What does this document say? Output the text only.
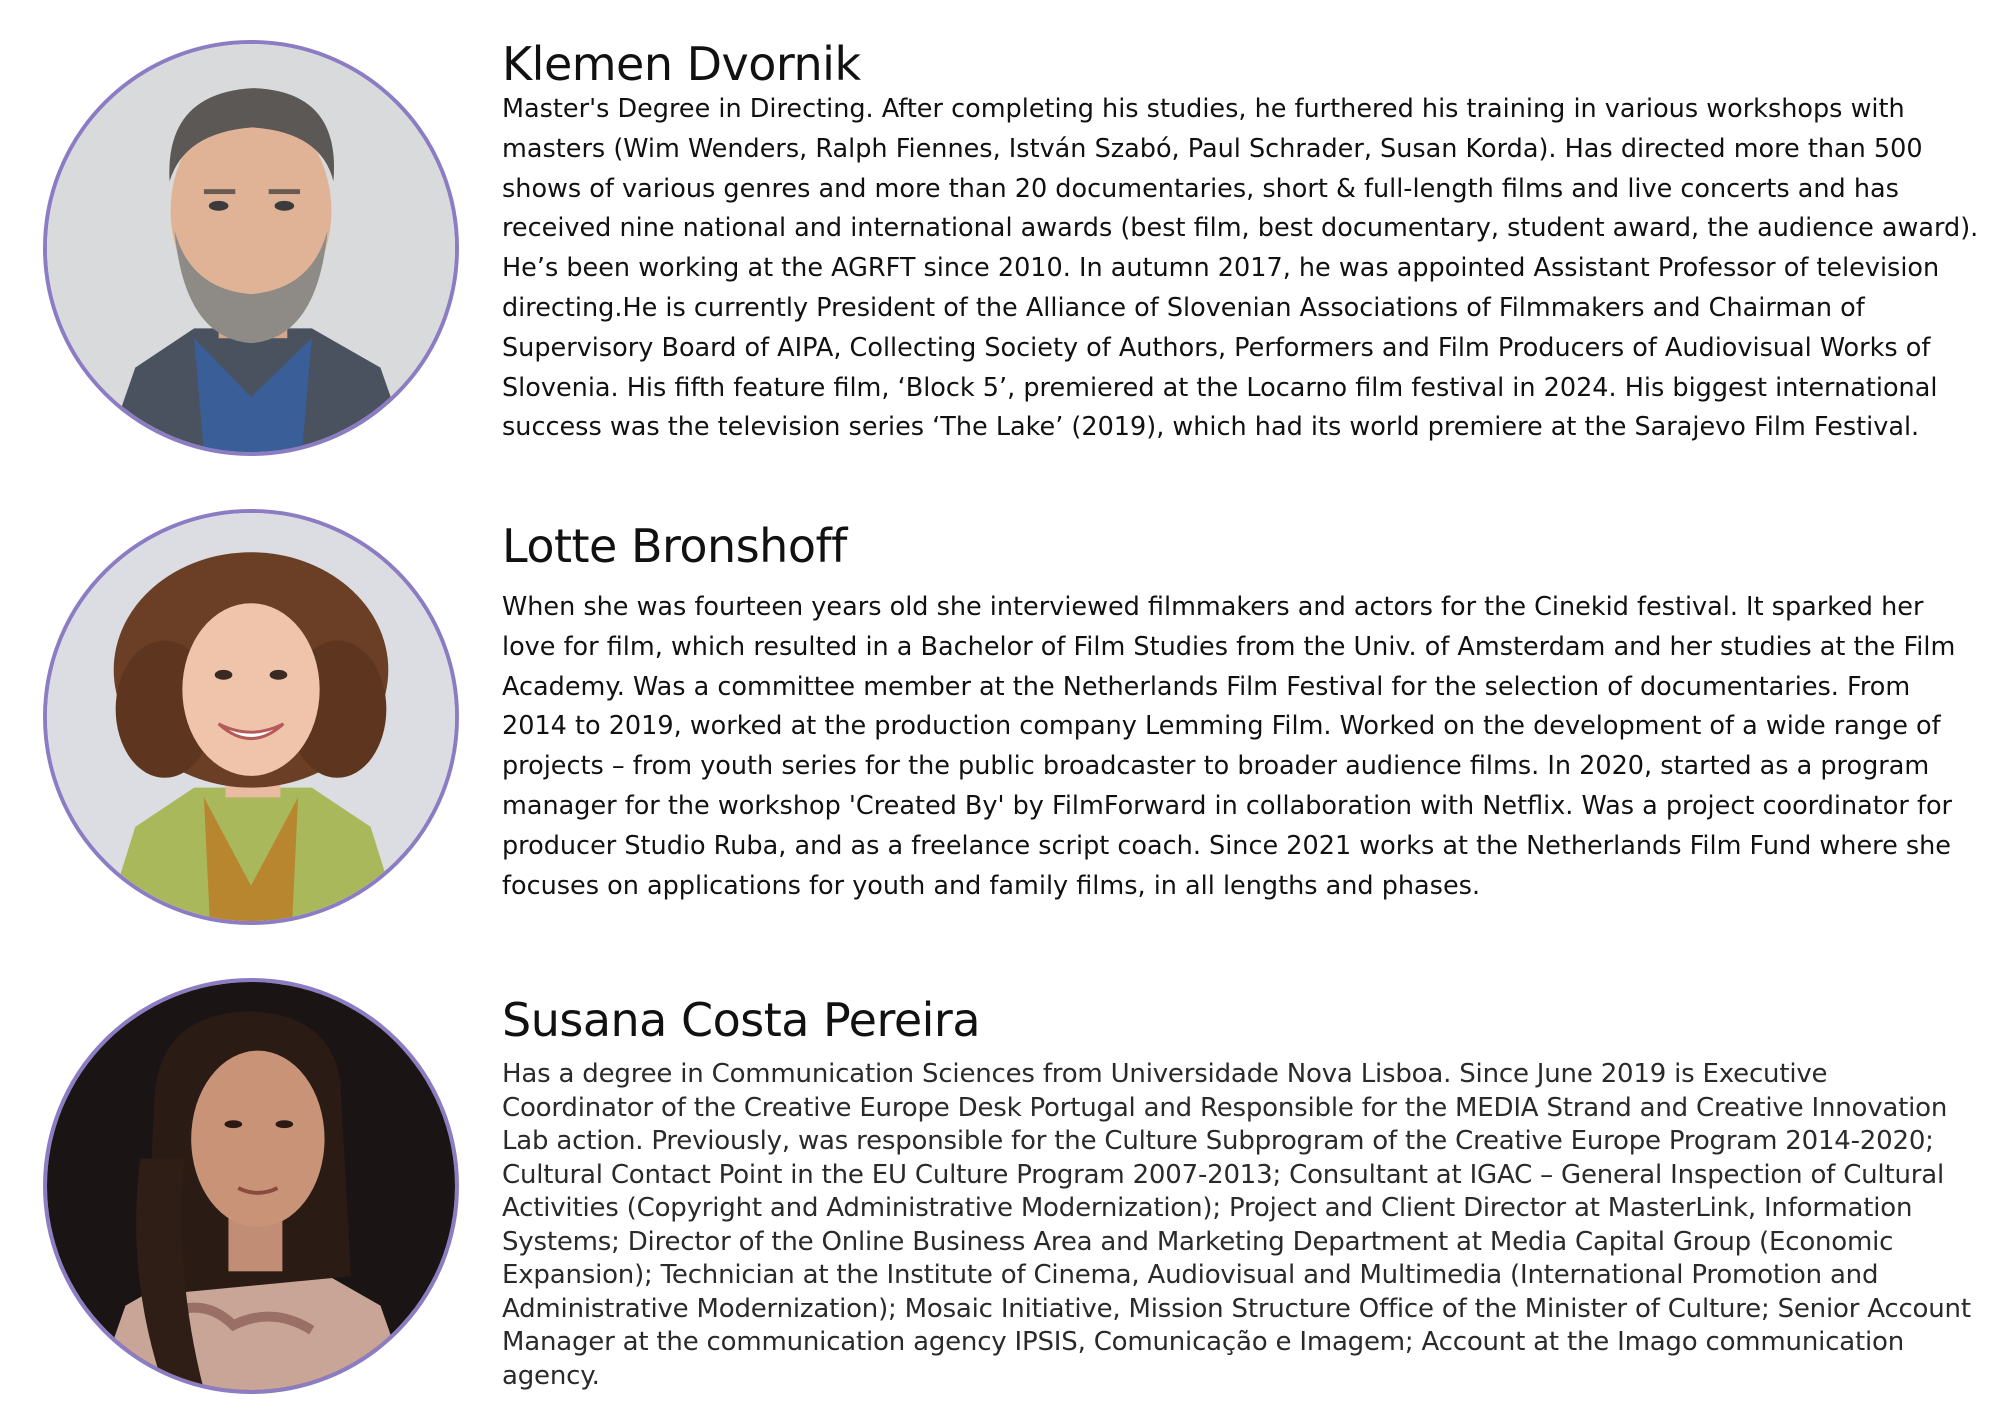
Klemen Dvornik

Master's Degree in Directing. After completing his studies, he furthered his training in various workshops with masters (Wim Wenders, Ralph Fiennes, István Szabó, Paul Schrader, Susan Korda). Has directed more than 500 shows of various genres and more than 20 documentaries, short & full-length films and live concerts and has received nine national and international awards (best film, best documentary, student award, the audience award). He’s been working at the AGRFT since 2010. In autumn 2017, he was appointed Assistant Professor of television directing.He is currently President of the Alliance of Slovenian Associations of Filmmakers and Chairman of Supervisory Board of AIPA, Collecting Society of Authors, Performers and Film Producers of Audiovisual Works of Slovenia. His fifth feature film, ‘Block 5’, premiered at the Locarno film festival in 2024. His biggest international success was the television series ‘The Lake’ (2019), which had its world premiere at the Sarajevo Film Festival.

Lotte Bronshoff

When she was fourteen years old she interviewed filmmakers and actors for the Cinekid festival. It sparked her love for film, which resulted in a Bachelor of Film Studies from the Univ. of Amsterdam and her studies at the Film Academy. Was a committee member at the Netherlands Film Festival for the selection of documentaries. From 2014 to 2019, worked at the production company Lemming Film. Worked on the development of a wide range of projects – from youth series for the public broadcaster to broader audience films. In 2020, started as a program manager for the workshop 'Created By' by FilmForward in collaboration with Netflix. Was a project coordinator for producer Studio Ruba, and as a freelance script coach. Since 2021 works at the Netherlands Film Fund where she focuses on applications for youth and family films, in all lengths and phases.

Susana Costa Pereira

Has a degree in Communication Sciences from Universidade Nova Lisboa. Since June 2019 is Executive Coordinator of the Creative Europe Desk Portugal and Responsible for the MEDIA Strand and Creative Innovation Lab action. Previously, was responsible for the Culture Subprogram of the Creative Europe Program 2014-2020; Cultural Contact Point in the EU Culture Program 2007-2013; Consultant at IGAC – General Inspection of Cultural Activities (Copyright and Administrative Modernization); Project and Client Director at MasterLink, Information Systems; Director of the Online Business Area and Marketing Department at Media Capital Group (Economic Expansion); Technician at the Institute of Cinema, Audiovisual and Multimedia (International Promotion and Administrative Modernization); Mosaic Initiative, Mission Structure Office of the Minister of Culture; Senior Account Manager at the communication agency IPSIS, Comunicação e Imagem; Account at the Imago communication agency.
